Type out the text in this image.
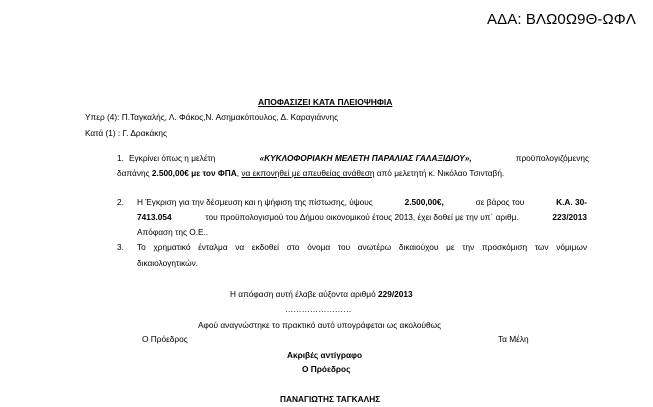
ΑΔΑ: ΒΛΩ0Ω9Θ-ΩΦΛ
ΑΠΟΦΑΣΙΖΕΙ ΚΑΤΑ ΠΛΕΙΟΨΗΦΙΑ
Υπερ (4): Π.Ταγκαλής, Λ. Φάκος,Ν. Ασημακόπουλος, Δ. Καραγιάννης
Κατά (1) : Γ. Δρακάκης
1. Εγκρίνει όπως η μελέτη	«ΚΥΚΛΟΦΟΡΙΑΚΗ ΜΕΛΕΤΗ ΠΑΡΑΛΙΑΣ ΓΑΛΑΞΙΔΙΟΥ»,	προϋπολογιζόμενης
δαπάνης 2.500,00€ με τον ΦΠΑ, να εκπονηθεί με απευθείας ανάθεση από μελετητή κ. Νικόλαο Τσινταβή.
2. Η Έγκριση για την δέσμευση και η ψήφιση της πίστωσης, ύψους	2.500,00€,	σε βάρος του	Κ.Α. 30-
7413.054	του προϋπολογισμού του Δήμου οικονομικού έτους 2013, έχει δοθεί με την υπ΄ αριθμ.	223/2013
Απόφαση της Ο.Ε..
3. Το χρηματικό ένταλμα να εκδοθεί στο όνομα του ανωτέρω δικαιούχου με την προσκόμιση των νόμιμων
δικαιολογητικών.
Η απόφαση αυτή έλαβε αύξοντα αριθμό 229/2013
……………………
Αφού αναγνώστηκε το πρακτικό αυτό υπογράφεται ως ακολούθως
Ο Πρόεδρος	Τα Μέλη
Ακριβές αντίγραφο
Ο Πρόεδρος
ΠΑΝΑΓΙΩΤΗΣ ΤΑΓΚΑΛΗΣ
